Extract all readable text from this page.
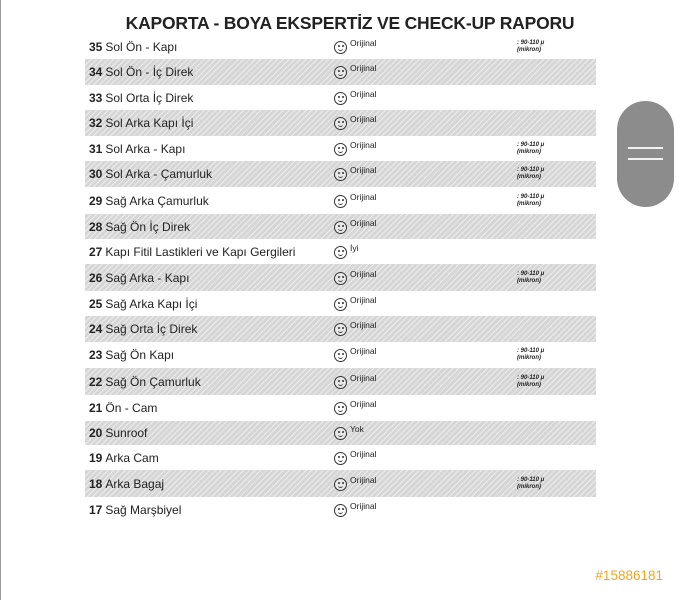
KAPORTA - BOYA EKSPERTİZ VE CHECK-UP RAPORU
35 Sol Ön - Kapı	Orijinal	: 90-110 μ
(mikron)
34 Sol Ön - İç Direk	Orijinal
33 Sol Orta İç Direk	Orijinal
32 Sol Arka Kapı İçi	Orijinal
31 Sol Arka - Kapı	Orijinal	: 90-110 μ
(mikron)
30 Sol Arka - Çamurluk	Orijinal	: 90-110 μ
(mikron)
29 Sağ Arka Çamurluk	Orijinal	: 90-110 μ
(mikron)
28 Sağ Ön İç Direk	Orijinal
27 Kapı Fitil Lastikleri ve Kapı Gergileri	İyi
26 Sağ Arka - Kapı	Orijinal	: 90-110 μ
(mikron)
25 Sağ Arka Kapı İçi	Orijinal
24 Sağ Orta İç Direk	Orijinal
23 Sağ Ön Kapı	Orijinal	: 90-110 μ
(mikron)
22 Sağ Ön Çamurluk	Orijinal	: 90-110 μ
(mikron)
21 Ön - Cam	Orijinal
20 Sunroof	Yok
19 Arka Cam	Orijinal
18 Arka Bagaj	Orijinal	: 90-110 μ
(mikron)
17 Sağ Marşbiyel	Orijinal
#15886181
